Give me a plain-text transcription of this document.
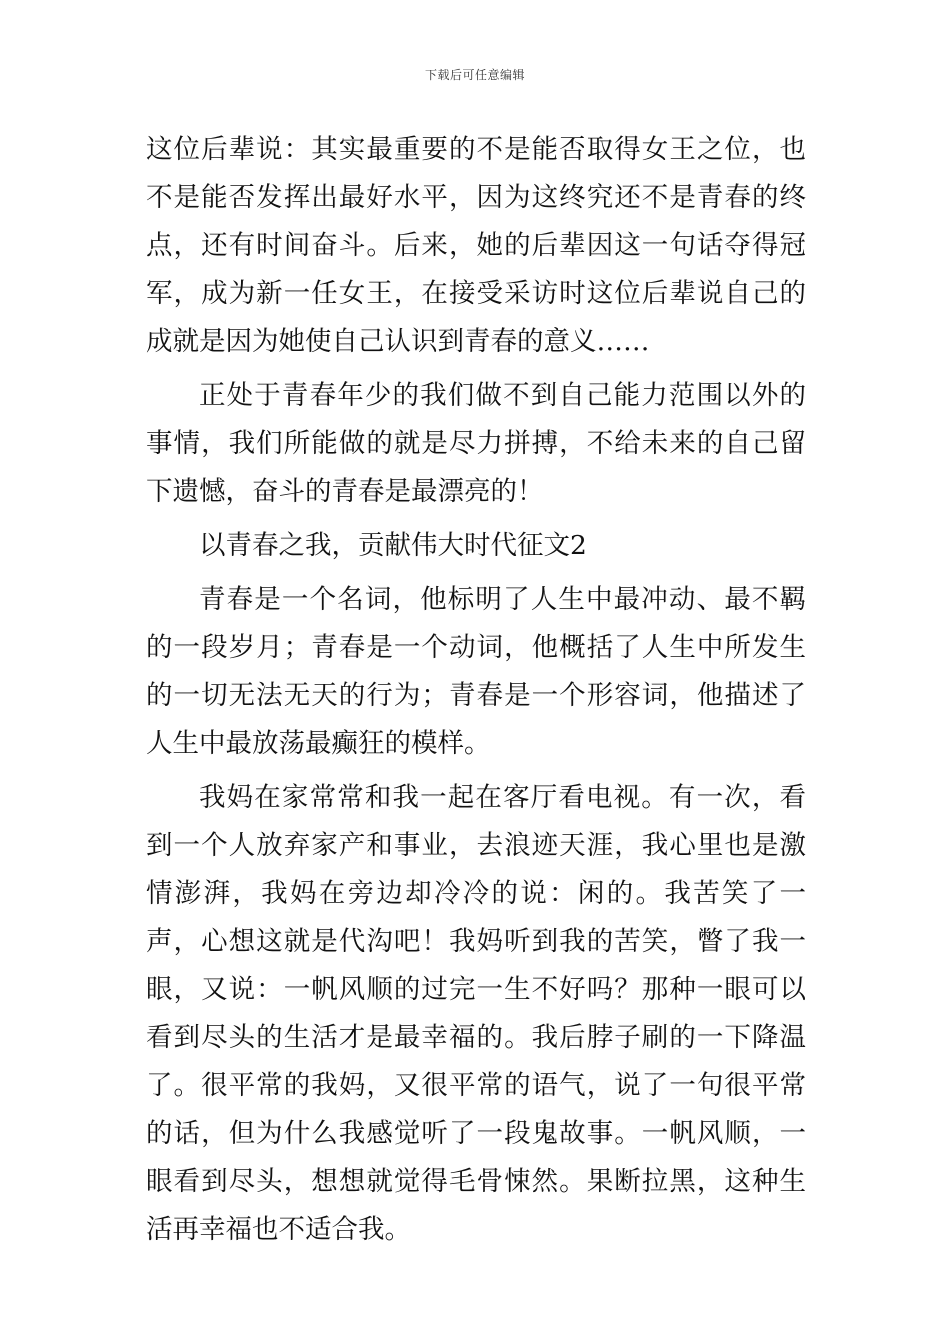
下载后可任意编辑

这位后辈说：其实最重要的不是能否取得女王之位，也不是能否发挥出最好水平，因为这终究还不是青春的终点，还有时间奋斗。后来，她的后辈因这一句话夺得冠军，成为新一任女王，在接受采访时这位后辈说自己的成就是因为她使自己认识到青春的意义……

正处于青春年少的我们做不到自己能力范围以外的事情，我们所能做的就是尽力拼搏，不给未来的自己留下遗憾，奋斗的青春是最漂亮的！

以青春之我，贡献伟大时代征文2

青春是一个名词，他标明了人生中最冲动、最不羁的一段岁月；青春是一个动词，他概括了人生中所发生的一切无法无天的行为；青春是一个形容词，他描述了人生中最放荡最癫狂的模样。

我妈在家常常和我一起在客厅看电视。有一次，看到一个人放弃家产和事业，去浪迹天涯，我心里也是激情澎湃，我妈在旁边却冷冷的说：闲的。我苦笑了一声，心想这就是代沟吧！我妈听到我的苦笑，瞥了我一眼，又说：一帆风顺的过完一生不好吗？那种一眼可以看到尽头的生活才是最幸福的。我后脖子刷的一下降温了。很平常的我妈，又很平常的语气，说了一句很平常的话，但为什么我感觉听了一段鬼故事。一帆风顺，一眼看到尽头，想想就觉得毛骨悚然。果断拉黑，这种生活再幸福也不适合我。
